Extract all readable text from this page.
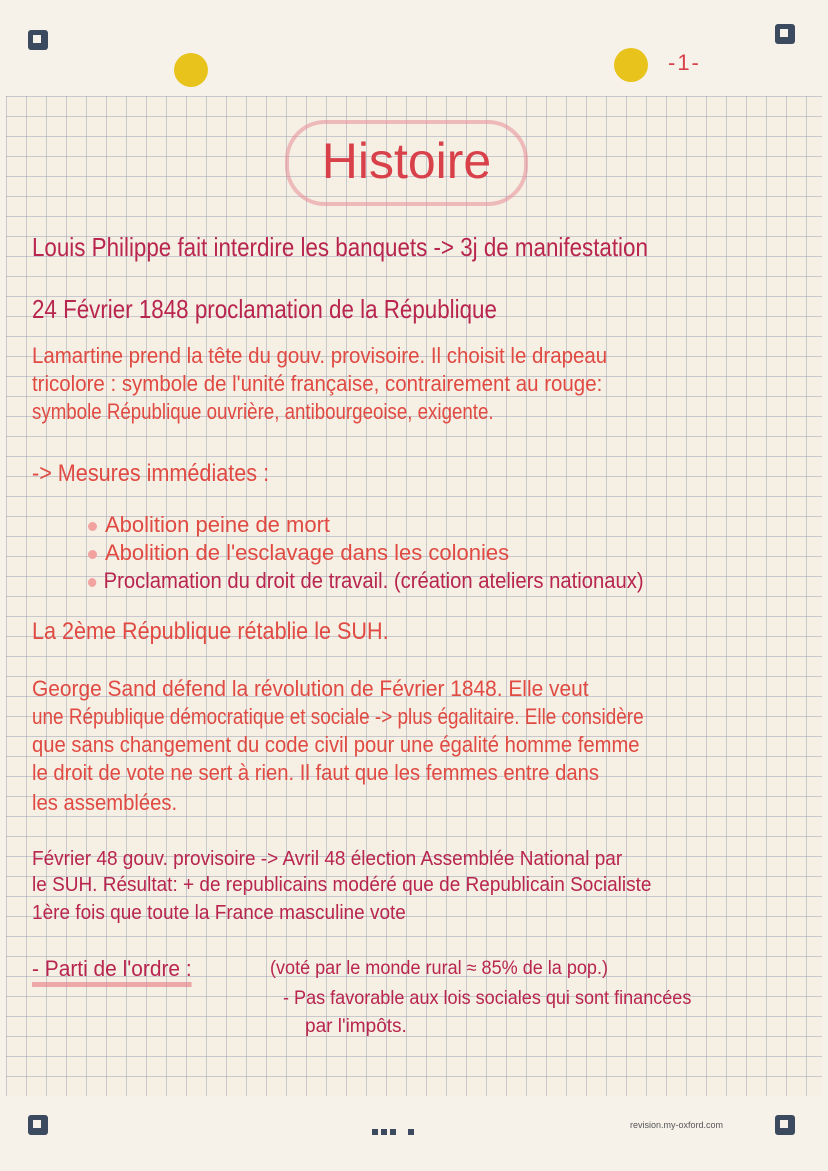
-1-
Histoire
Louis Philippe fait interdire les banquets -> 3j de manifestation
24 Février 1848 proclamation de la République
Lamartine prend la tête du gouv. provisoire. Il choisit le drapeau
tricolore : symbole de l'unité française, contrairement au rouge:
symbole République ouvrière, antibourgeoise, exigente.
-> Mesures immédiates :
Abolition peine de mort
Abolition de l'esclavage dans les colonies
Proclamation du droit de travail. (création ateliers nationaux)
La 2ème République rétablie le SUH.
George Sand défend la révolution de Février 1848. Elle veut
une République démocratique et sociale -> plus égalitaire. Elle considère
que sans changement du code civil pour une égalité homme femme
le droit de vote ne sert à rien. Il faut que les femmes entre dans
les assemblées.
Février 48 gouv. provisoire -> Avril 48 élection Assemblée National par
le SUH. Résultat: + de republicains modéré que de Republicain Socialiste
1ère fois que toute la France masculine vote
- Parti de l'ordre :	(voté par le monde rural ≈ 85% de la pop.)
- Pas favorable aux lois sociales qui sont financées
par l'impôts.

revision.my-oxford.com
